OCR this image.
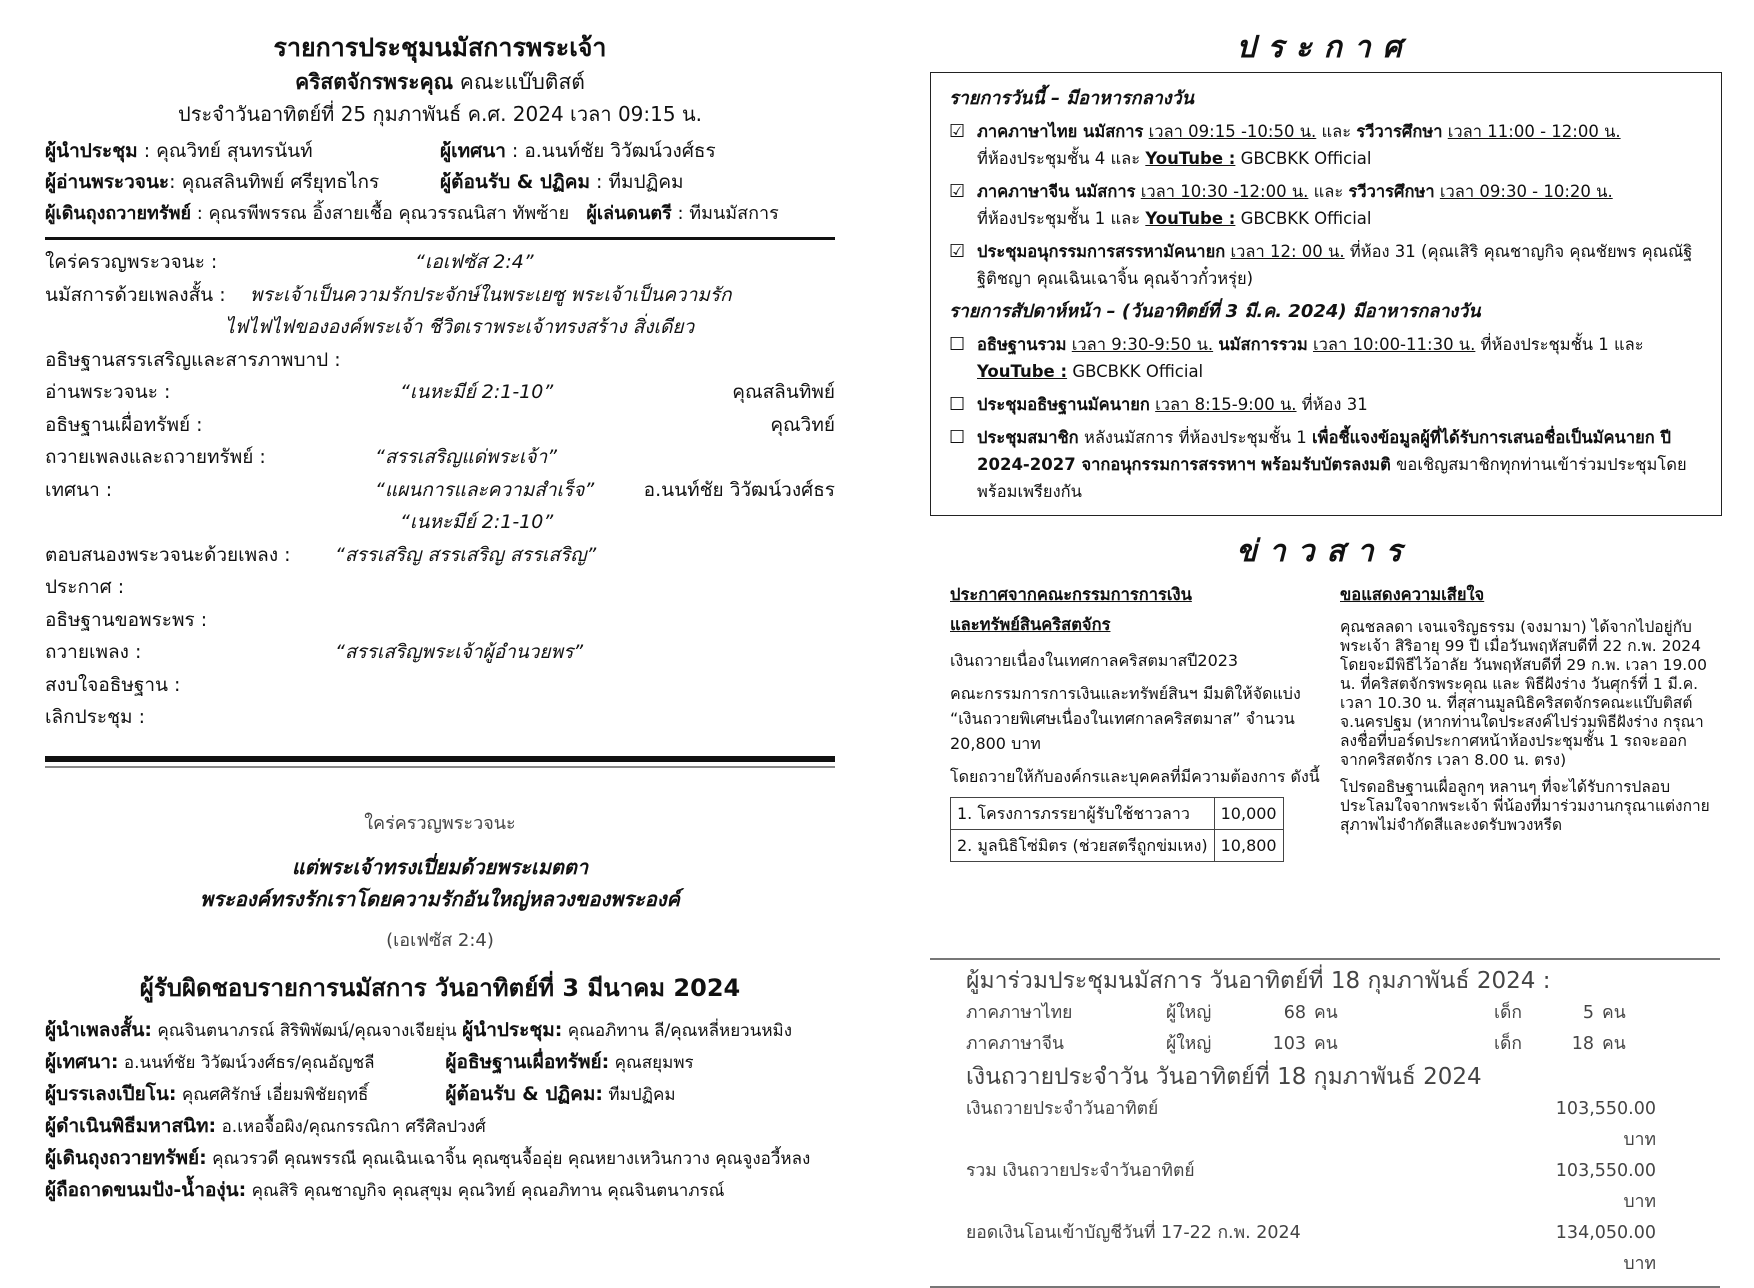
รายการประชุมนมัสการพระเจ้า
คริสตจักรพระคุณ คณะแบ๊บติสต์
ประจำวันอาทิตย์ที่ 25 กุมภาพันธ์ ค.ศ. 2024 เวลา 09:15 น.
ผู้นำประชุม : คุณวิทย์ สุนทรนันท์	ผู้เทศนา : อ.นนท์ชัย วิวัฒน์วงศ์ธร
ผู้อ่านพระวจนะ: คุณสลินทิพย์ ศรียุทธไกร	ผู้ต้อนรับ & ปฏิคม : ทีมปฏิคม
ผู้เดินถุงถวายทรัพย์ : คุณรพีพรรณ อิ้งสายเชื้อ คุณวรรณนิสา ทัพซ้าย ผู้เล่นดนตรี : ทีมนมัสการ
ใคร่ครวญพระวจนะ :	“เอเฟซัส 2:4”
นมัสการด้วยเพลงสั้น : พระเจ้าเป็นความรักประจักษ์ในพระเยซู พระเจ้าเป็นความรัก
ไฟไฟไฟขององค์พระเจ้า ชีวิตเราพระเจ้าทรงสร้าง สิ่งเดียว
อธิษฐานสรรเสริญและสารภาพบาป :
อ่านพระวจนะ :	“เนหะมีย์ 2:1-10”	คุณสลินทิพย์
อธิษฐานเผื่อทรัพย์ :	คุณวิทย์
ถวายเพลงและถวายทรัพย์ :	“สรรเสริญแด่พระเจ้า”
เทศนา :	“แผนการและความสำเร็จ”	อ.นนท์ชัย วิวัฒน์วงศ์ธร
“เนหะมีย์ 2:1-10”
ตอบสนองพระวจนะด้วยเพลง : “สรรเสริญ สรรเสริญ สรรเสริญ”
ประกาศ :
อธิษฐานขอพระพร :
ถวายเพลง :	“สรรเสริญพระเจ้าผู้อำนวยพร”
สงบใจอธิษฐาน :
เลิกประชุม :
ใคร่ครวญพระวจนะ
แต่พระเจ้าทรงเปี่ยมด้วยพระเมตตา
พระองค์ทรงรักเราโดยความรักอันใหญ่หลวงของพระองค์
(เอเฟซัส 2:4)
ผู้รับผิดชอบรายการนมัสการ วันอาทิตย์ที่ 3 มีนาคม 2024
ผู้นำเพลงสั้น: คุณจินตนาภรณ์ สิริพิพัฒน์/คุณจางเจียยุ่น ผู้นำประชุม: คุณอภิทาน ลี/คุณหลี่หยวนหมิง
ผู้เทศนา: อ.นนท์ชัย วิวัฒน์วงศ์ธร/คุณอัญชลี	ผู้อธิษฐานเผื่อทรัพย์: คุณสยุมพร
ผู้บรรเลงเปียโน: คุณศศิรักษ์ เอี่ยมพิชัยฤทธิ์	ผู้ต้อนรับ & ปฏิคม: ทีมปฏิคม
ผู้ดำเนินพิธีมหาสนิท: อ.เหอจื้อผิง/คุณกรรณิกา ศรีศิลปวงศ์
ผู้เดินถุงถวายทรัพย์: คุณวรวดี คุณพรรณี คุณเฉินเฉาจิ้น คุณซุนจื้ออุ่ย คุณหยางเหวินกวาง คุณจูงอวี้หลง
ผู้ถือถาดขนมปัง-น้ำองุ่น: คุณสิริ คุณชาญกิจ คุณสุขุม คุณวิทย์ คุณอภิทาน คุณจินตนาภรณ์
ประกาศ
รายการวันนี้ – มีอาหารกลางวัน
☑ ภาคภาษาไทย นมัสการ เวลา 09:15 -10:50 น. และ รวีวารศึกษา เวลา 11:00 - 12:00 น.
ที่ห้องประชุมชั้น 4 และ YouTube : GBCBKK Official
☑ ภาคภาษาจีน นมัสการ เวลา 10:30 -12:00 น. และ รวีวารศึกษา เวลา 09:30 - 10:20 น.
ที่ห้องประชุมชั้น 1 และ YouTube : GBCBKK Official
☑ ประชุมอนุกรรมการสรรหามัคนายก เวลา 12: 00 น. ที่ห้อง 31 (คุณเสิริ คุณชาญกิจ คุณชัยพร คุณณัฐิฐิติชญา คุณเฉินเฉาจิ้น คุณจ้าวกั๋วหรุ่ย)
รายการสัปดาห์หน้า – (วันอาทิตย์ที่ 3 มี.ค. 2024) มีอาหารกลางวัน
☐ อธิษฐานรวม เวลา 9:30-9:50 น. นมัสการรวม เวลา 10:00-11:30 น. ที่ห้องประชุมชั้น 1 และ
YouTube : GBCBKK Official
☐ ประชุมอธิษฐานมัคนายก เวลา 8:15-9:00 น. ที่ห้อง 31
☐ ประชุมสมาชิก หลังนมัสการ ที่ห้องประชุมชั้น 1 เพื่อชี้แจงข้อมูลผู้ที่ได้รับการเสนอชื่อเป็นมัคนายก ปี 2024-2027 จากอนุกรรมการสรรหาฯ พร้อมรับบัตรลงมติ ขอเชิญสมาชิกทุกท่านเข้าร่วมประชุมโดยพร้อมเพรียงกัน
ข่าวสาร
ประกาศจากคณะกรรมการการเงิน
และทรัพย์สินคริสตจักร

เงินถวายเนื่องในเทศกาลคริสตมาสปี2023

คณะกรรมการการเงินและทรัพย์สินฯ มีมติให้จัดแบ่ง “เงินถวายพิเศษเนื่องในเทศกาลคริสตมาส” จำนวน 20,800 บาท

โดยถวายให้กับองค์กรและบุคคลที่มีความต้องการ ดังนี้

1. โครงการภรรยาผู้รับใช้ชาวลาว	10,000
2. มูลนิธิโซ่มิตร (ช่วยสตรีถูกข่มเหง)	10,800
ขอแสดงความเสียใจ

คุณชลลดา เจนเจริญธรรม (จงมามา) ได้จากไปอยู่กับพระเจ้า สิริอายุ 99 ปี เมื่อวันพฤหัสบดีที่ 22 ก.พ. 2024 โดยจะมีพิธีไว้อาลัย วันพฤหัสบดีที่ 29 ก.พ. เวลา 19.00 น. ที่คริสตจักรพระคุณ และ พิธีฝังร่าง วันศุกร์ที่ 1 มี.ค. เวลา 10.30 น. ที่สุสานมูลนิธิคริสตจักรคณะแบ๊บติสต์ จ.นครปฐม (หากท่านใดประสงค์ไปร่วมพิธีฝังร่าง กรุณาลงชื่อที่บอร์ดประกาศหน้าห้องประชุมชั้น 1 รถจะออกจากคริสตจักร เวลา 8.00 น. ตรง)

โปรดอธิษฐานเผื่อลูกๆ หลานๆ ที่จะได้รับการปลอบประโลมใจจากพระเจ้า พี่น้องที่มาร่วมงานกรุณาแต่งกายสุภาพไม่จำกัดสีและงดรับพวงหรีด

ผู้มาร่วมประชุมนมัสการ วันอาทิตย์ที่ 18 กุมภาพันธ์ 2024 :
ภาคภาษาไทย	ผู้ใหญ่	68 คน	เด็ก	5 คน
ภาคภาษาจีน	ผู้ใหญ่	103 คน	เด็ก	18 คน
เงินถวายประจำวัน วันอาทิตย์ที่ 18 กุมภาพันธ์ 2024
เงินถวายประจำวันอาทิตย์	103,550.00 บาท
รวม เงินถวายประจำวันอาทิตย์	103,550.00 บาท
ยอดเงินโอนเข้าบัญชีวันที่ 17-22 ก.พ. 2024	134,050.00 บาท
